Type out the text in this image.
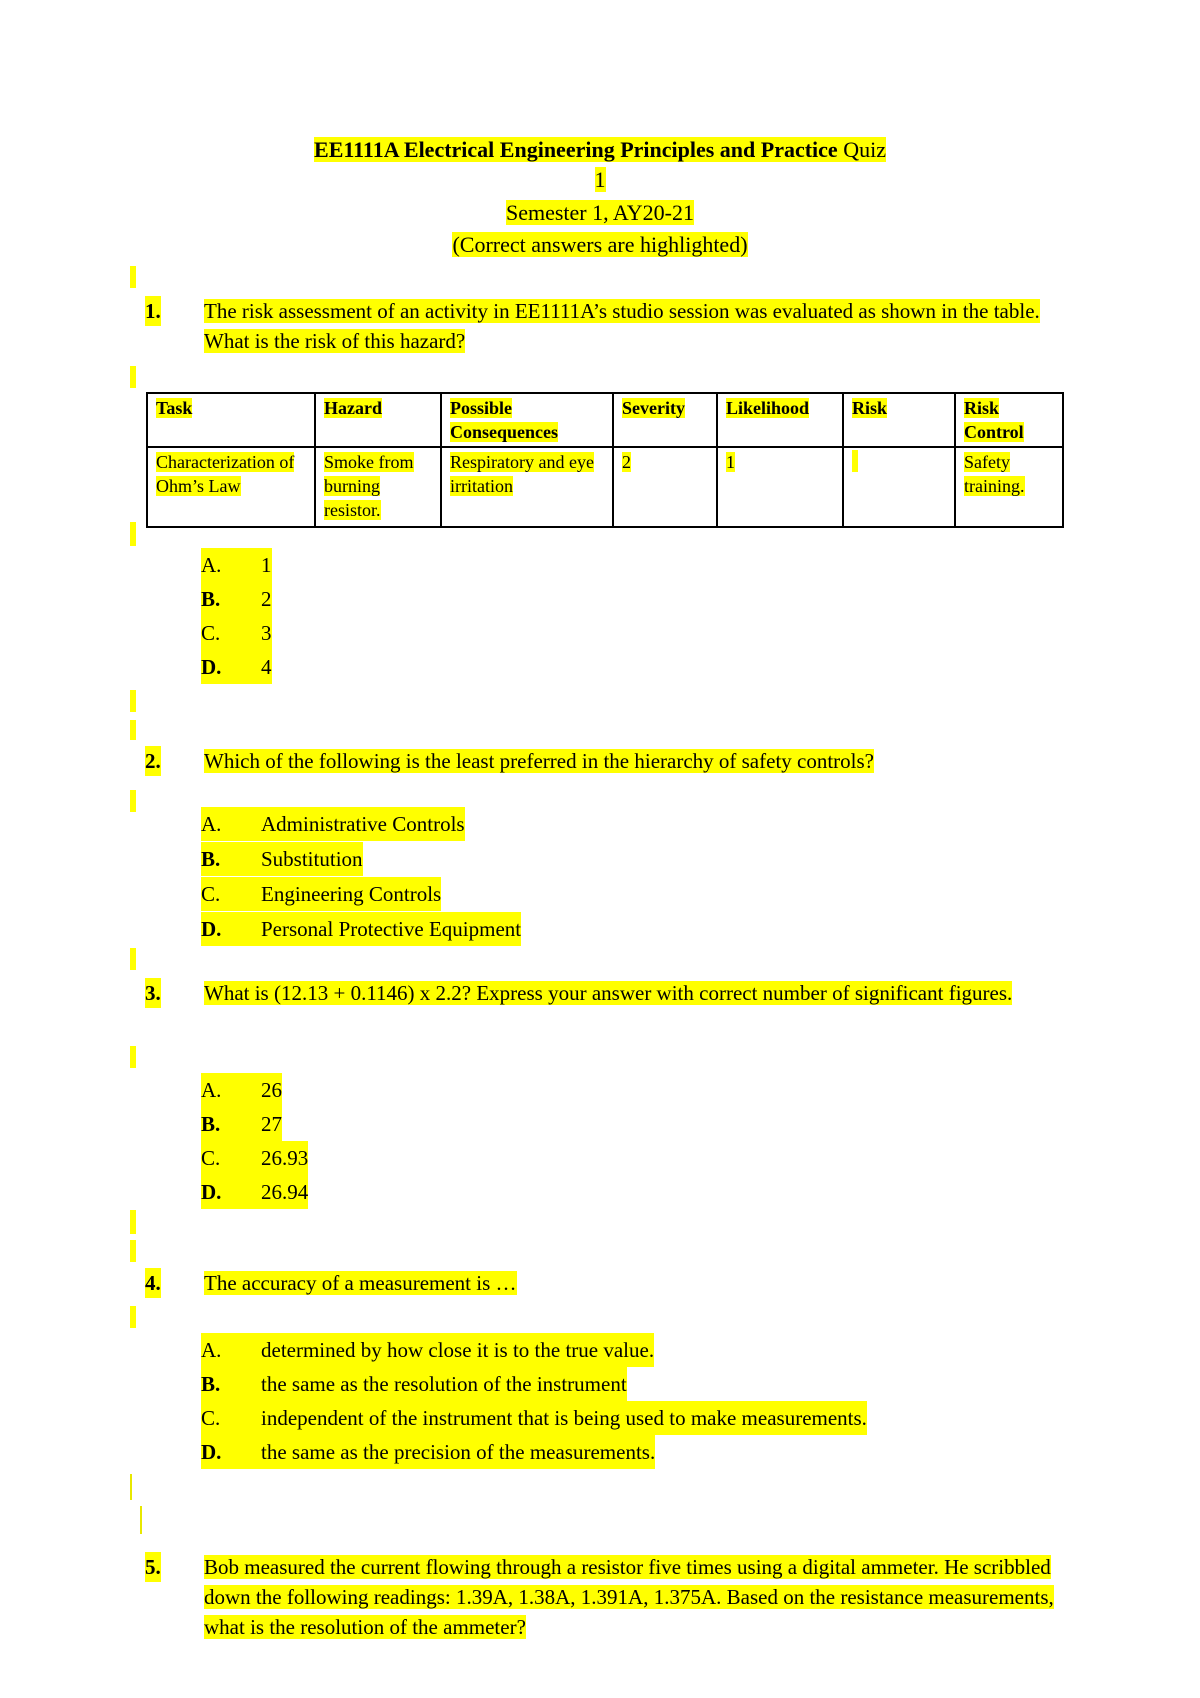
EE1111A Electrical Engineering Principles and Practice Quiz
1
Semester 1, AY20-21
(Correct answers are highlighted)
1. The risk assessment of an activity in EE1111A’s studio session was evaluated as shown in the table. What is the risk of this hazard?
Task	Hazard	Possible Consequences	Severity	Likelihood	Risk	Risk Control
Characterization of Ohm’s Law	Smoke from burning resistor.	Respiratory and eye irritation	2	1		Safety training.
A. 1
B. 2
C. 3
D. 4
2. Which of the following is the least preferred in the hierarchy of safety controls?
A. Administrative Controls
B. Substitution
C. Engineering Controls
D. Personal Protective Equipment
3. What is (12.13 + 0.1146) x 2.2? Express your answer with correct number of significant figures.
A. 26
B. 27
C. 26.93
D. 26.94
4. The accuracy of a measurement is …
A. determined by how close it is to the true value.
B. the same as the resolution of the instrument
C. independent of the instrument that is being used to make measurements.
D. the same as the precision of the measurements.
5. Bob measured the current flowing through a resistor five times using a digital ammeter. He scribbled down the following readings: 1.39A, 1.38A, 1.391A, 1.375A. Based on the resistance measurements, what is the resolution of the ammeter?
